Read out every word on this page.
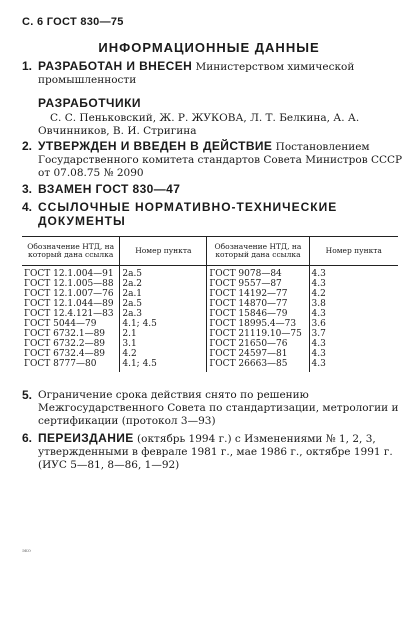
С. 6 ГОСТ 830—75
ИНФОРМАЦИОННЫЕ ДАННЫЕ
1. РАЗРАБОТАН И ВНЕСЕН Министерством химической промышленности
РАЗРАБОТЧИКИ
С. С. Пеньковский, Ж. Р. ЖУКОВА, Л. Т. Белкина, А. А. Овчинников, В. И. Стригина
2. УТВЕРЖДЕН И ВВЕДЕН В ДЕЙСТВИЕ Постановлением Государственного комитета стандартов Совета Министров СССР от 07.08.75 № 2090
3. ВЗАМЕН ГОСТ 830—47
4. ССЫЛОЧНЫЕ НОРМАТИВНО-ТЕХНИЧЕСКИЕ ДОКУМЕНТЫ
Обозначение НТД, на который дана ссылка	Номер пункта	Обозначение НТД, на который дана ссылка	Номер пункта
ГОСТ 12.1.004—91	2а.5	ГОСТ 9078—84	4.3
ГОСТ 12.1.005—88	2а.2	ГОСТ 9557—87	4.3
ГОСТ 12.1.007—76	2а.1	ГОСТ 14192—77	4.2
ГОСТ 12.1.044—89	2а.5	ГОСТ 14870—77	3.8
ГОСТ 12.4.121—83	2а.3	ГОСТ 15846—79	4.3
ГОСТ 5044—79	4.1; 4.5	ГОСТ 18995.4—73	3.6
ГОСТ 6732.1—89	2.1	ГОСТ 21119.10—75	3.7
ГОСТ 6732.2—89	3.1	ГОСТ 21650—76	4.3
ГОСТ 6732.4—89	4.2	ГОСТ 24597—81	4.3
ГОСТ 8777—80	4.1; 4.5	ГОСТ 26663—85	4.3
5. Ограничение срока действия снято по решению Межгосударственного Совета по стандартизации, метрологии и сертификации (протокол 3—93)
6. ПЕРЕИЗДАНИЕ (октябрь 1994 г.) с Изменениями № 1, 2, 3, утвержденными в феврале 1981 г., мае 1986 г., октябре 1991 г. (ИУС 5—81, 8—86, 1—92)
эко
